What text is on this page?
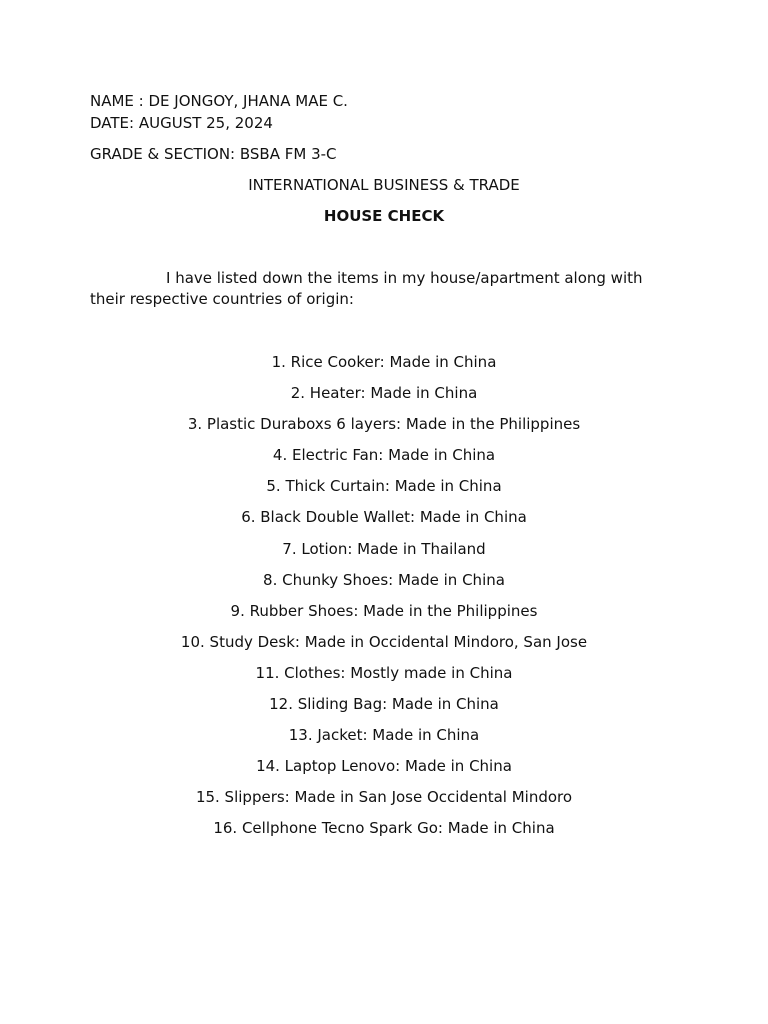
NAME : DE JONGOY, JHANA MAE C.
DATE: AUGUST 25, 2024
GRADE & SECTION: BSBA FM 3-C
INTERNATIONAL BUSINESS & TRADE
HOUSE CHECK
I have listed down the items in my house/apartment along with their respective countries of origin:
1. Rice Cooker: Made in China
2. Heater: Made in China
3. Plastic Duraboxs 6 layers: Made in the Philippines
4. Electric Fan: Made in China
5. Thick Curtain: Made in China
6. Black Double Wallet: Made in China
7. Lotion: Made in Thailand
8. Chunky Shoes: Made in China
9. Rubber Shoes: Made in the Philippines
10. Study Desk: Made in Occidental Mindoro, San Jose
11. Clothes: Mostly made in China
12. Sliding Bag: Made in China
13. Jacket: Made in China
14. Laptop Lenovo: Made in China
15. Slippers: Made in San Jose Occidental Mindoro
16. Cellphone Tecno Spark Go: Made in China
